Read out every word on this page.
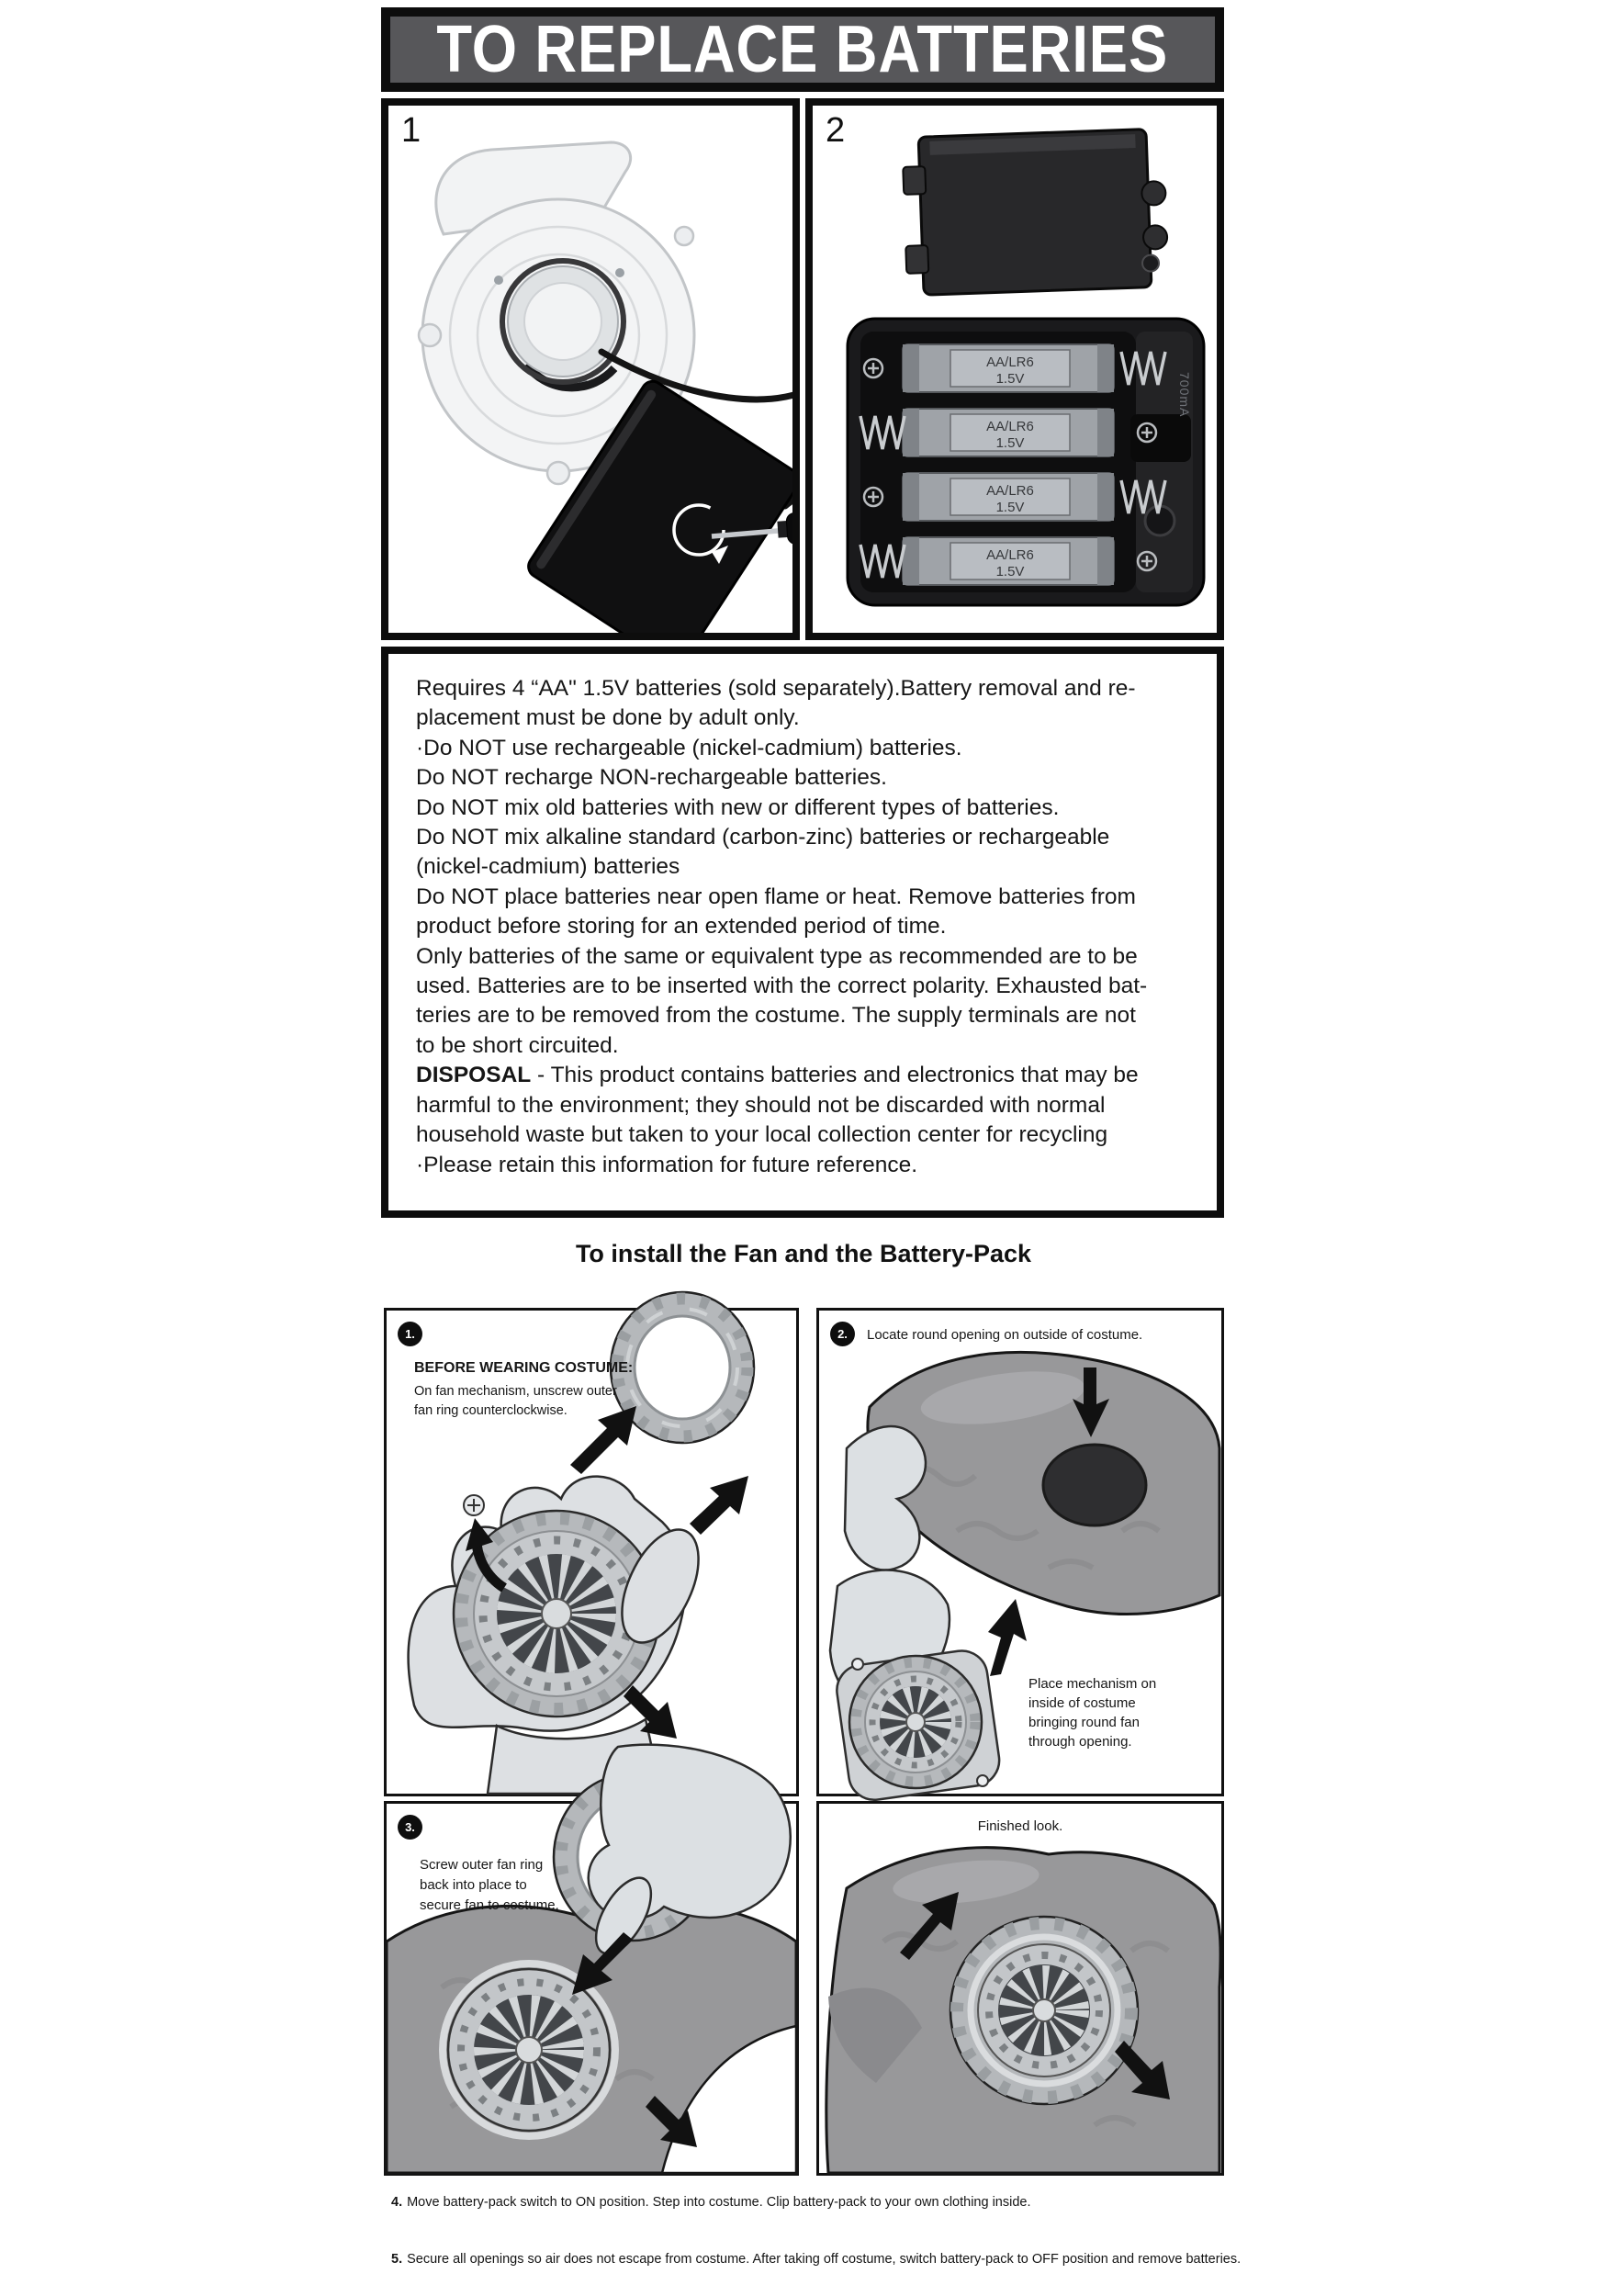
TO REPLACE BATTERIES
1
700mA
AA/LR6
1.5V
AA/LR6
1.5V
AA/LR6
1.5V
AA/LR6
1.5V
2
Requires 4 “AA" 1.5V batteries (sold separately).Battery removal and re-
placement must be done by adult only.
·Do NOT use rechargeable (nickel-cadmium) batteries.
Do NOT recharge NON-rechargeable batteries.
Do NOT mix old batteries with new or different types of batteries.
Do NOT mix alkaline standard (carbon-zinc) batteries or rechargeable
(nickel-cadmium) batteries
Do NOT place batteries near open flame or heat. Remove batteries from
product before storing for an extended period of time.
Only batteries of the same or equivalent type as recommended are to be
used. Batteries are to be inserted with the correct polarity. Exhausted bat-
teries are to be removed from the costume. The supply terminals are not
to be short circuited.
DISPOSAL - This product contains batteries and electronics that may be
harmful to the environment; they should not be discarded with normal
household waste but taken to your local collection center for recycling
·Please retain this information for future reference.
To install the Fan and the Battery-Pack
1.
BEFORE WEARING COSTUME:
On fan mechanism, unscrew outer
fan ring counterclockwise.
2.	Locate round opening on outside of costume.
Place mechanism on
inside of costume
bringing round fan
through opening.
3.
Screw outer fan ring
back into place to
secure fan to costume.
Finished look.
4. Move battery-pack switch to ON position. Step into costume. Clip battery-pack to your own clothing inside.
5. Secure all openings so air does not escape from costume. After taking off costume, switch battery-pack to OFF position and remove batteries.
